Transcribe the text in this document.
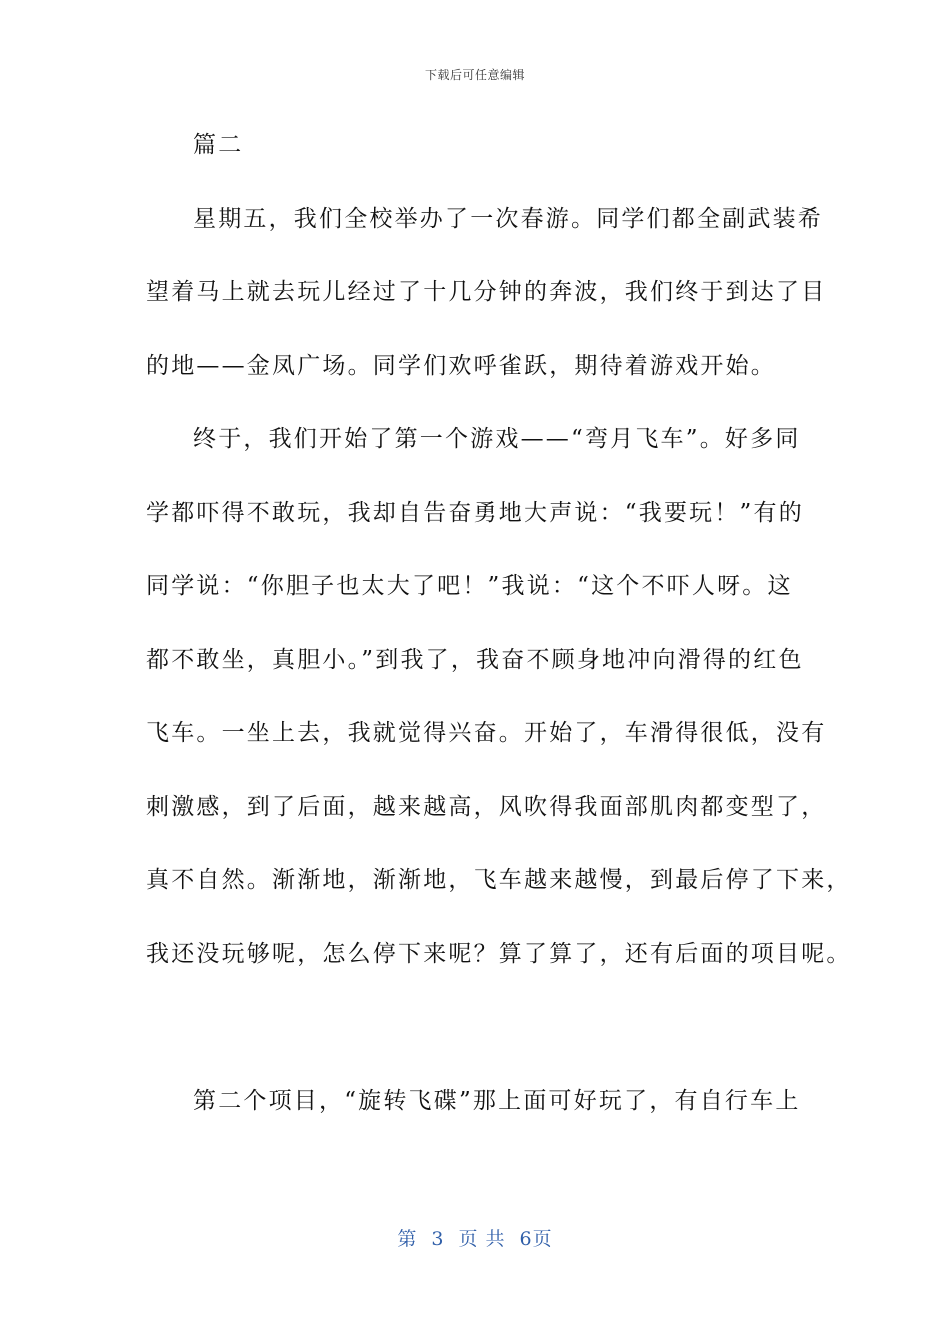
下载后可任意编辑
篇二
星期五，我们全校举办了一次春游。同学们都全副武装希
望着马上就去玩儿经过了十几分钟的奔波，我们终于到达了目
的地——金凤广场。同学们欢呼雀跃，期待着游戏开始。
终于，我们开始了第一个游戏——“弯月飞车”。好多同
学都吓得不敢玩，我却自告奋勇地大声说：“我要玩！”有的
同学说：“你胆子也太大了吧！”我说：“这个不吓人呀。这
都不敢坐，真胆小。”到我了，我奋不顾身地冲向滑得的红色
飞车。一坐上去，我就觉得兴奋。开始了，车滑得很低，没有
刺激感，到了后面，越来越高，风吹得我面部肌肉都变型了，
真不自然。渐渐地，渐渐地，飞车越来越慢，到最后停了下来，
我还没玩够呢，怎么停下来呢？算了算了，还有后面的项目呢。
第二个项目，“旋转飞碟”那上面可好玩了，有自行车上
第 3 页 共 6页
